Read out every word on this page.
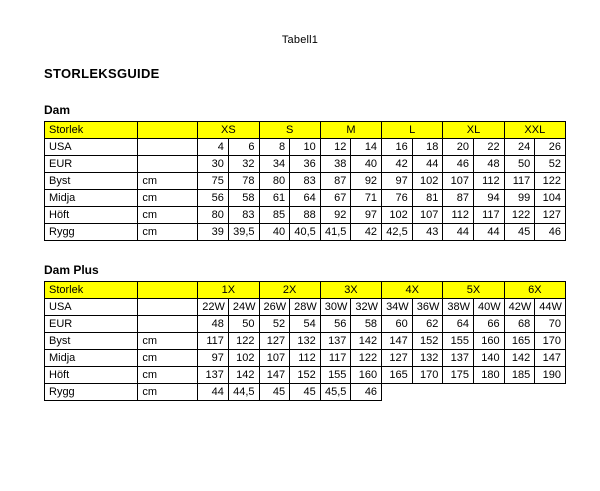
Tabell1
STORLEKSGUIDE
Dam
Storlek		XS		S		M		L		XL		XXL	
USA		4	6	8	10	12	14	16	18	20	22	24	26
EUR		30	32	34	36	38	40	42	44	46	48	50	52
Byst	cm	75	78	80	83	87	92	97	102	107	112	117	122
Midja	cm	56	58	61	64	67	71	76	81	87	94	99	104
Höft	cm	80	83	85	88	92	97	102	107	112	117	122	127
Rygg	cm	39	39,5	40	40,5	41,5	42	42,5	43	44	44	45	46
Dam Plus
Storlek		1X		2X		3X		4X		5X		6X	
USA		22W	24W	26W	28W	30W	32W	34W	36W	38W	40W	42W	44W
EUR		48	50	52	54	56	58	60	62	64	66	68	70
Byst	cm	117	122	127	132	137	142	147	152	155	160	165	170
Midja	cm	97	102	107	112	117	122	127	132	137	140	142	147
Höft	cm	137	142	147	152	155	160	165	170	175	180	185	190
Rygg	cm	44	44,5	45	45	45,5	46						
